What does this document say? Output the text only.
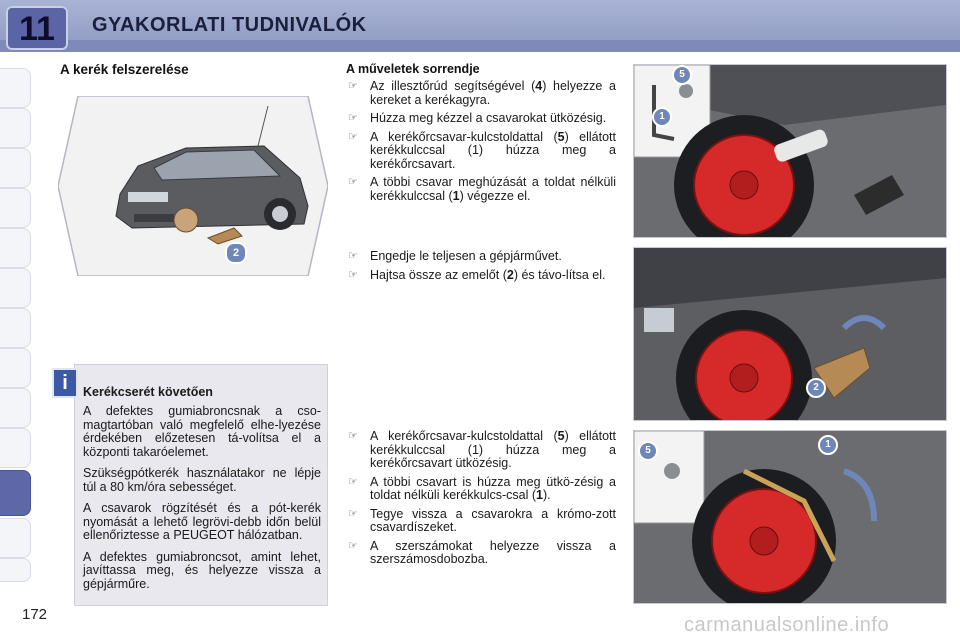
11 GYAKORLATI TUDNIVALÓK
A kerék felszerelése
2
Kerékcserét követően

A defektes gumiabroncsnak a cso-magtartóban való megfelelő elhe-lyezése érdekében előzetesen tá-volítsa el a központi takaróelemet.

Szükségpótkerék használatakor ne lépje túl a 80 km/óra sebességet.

A csavarok rögzítését és a pót-kerék nyomását a lehető legrövi-debb időn belül ellenőriztesse a PEUGEOT hálózatban.

A defektes gumiabroncsot, amint lehet, javíttassa meg, és helyezze vissza a gépjárműre.

i
A műveletek sorrendje
☞ Az illesztőrúd segítségével (4) helyezze a kereket a kerékagyra.
☞ Húzza meg kézzel a csavarokat ütközésig.
☞ A kerékőrcsavar-kulcstoldattal (5) ellátott kerékkulccsal (1) húzza meg a kerékőrcsavart.
☞ A többi csavar meghúzását a toldat nélküli kerékkulccsal (1) végezze el.
☞ Engedje le teljesen a gépjárművet.
☞ Hajtsa össze az emelőt (2) és távo-lítsa el.
☞ A kerékőrcsavar-kulcstoldattal (5) ellátott kerékkulccsal (1) húzza meg a kerékőrcsavart ütközésig.
☞ A többi csavart is húzza meg ütkö-zésig a toldat nélküli kerékkulcs-csal (1).
☞ Tegye vissza a csavarokra a krómo-zott csavardíszeket.
☞ A szerszámokat helyezze vissza a szerszámosdobozba.
5
1
2
5
1
172	carmanualsonline.info
